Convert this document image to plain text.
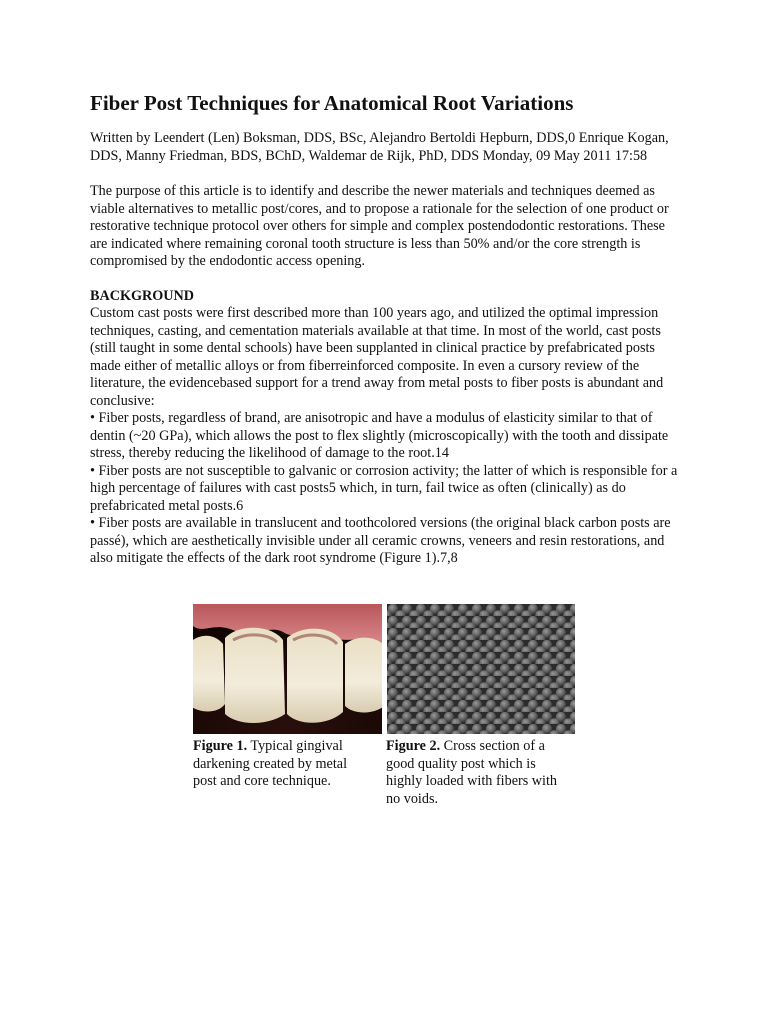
Fiber Post Techniques for Anatomical Root Variations

Written by Leendert (Len) Boksman, DDS, BSc, Alejandro Bertoldi Hepburn, DDS,0 Enrique Kogan, DDS, Manny Friedman, BDS, BChD, Waldemar de Rijk, PhD, DDS Monday, 09 May 2011 17:58

The purpose of this article is to identify and describe the newer materials and techniques deemed as viable alternatives to metallic post/cores, and to propose a rationale for the selection of one product or restorative technique protocol over others for simple and complex postendodontic restorations. These are indicated where remaining coronal tooth structure is less than 50% and/or the core strength is compromised by the endodontic access opening.

BACKGROUND

Custom cast posts were first described more than 100 years ago, and utilized the optimal impression techniques, casting, and cementation materials available at that time. In most of the world, cast posts (still taught in some dental schools) have been supplanted in clinical practice by prefabricated posts made either of metallic alloys or from fiberreinforced composite. In even a cursory review of the literature, the evidencebased support for a trend away from metal posts to fiber posts is abundant and conclusive:

• Fiber posts, regardless of brand, are anisotropic and have a modulus of elasticity similar to that of dentin (~20 GPa), which allows the post to flex slightly (microscopically) with the tooth and dissipate stress, thereby reducing the likelihood of damage to the root.14

• Fiber posts are not susceptible to galvanic or corrosion activity; the latter of which is responsible for a high percentage of failures with cast posts5 which, in turn, fail twice as often (clinically) as do prefabricated metal posts.6

• Fiber posts are available in translucent and toothcolored versions (the original black carbon posts are passé), which are aesthetically invisible under all ceramic crowns, veneers and resin restorations, and also mitigate the effects of the dark root syndrome (Figure 1).7,8

Figure 1. Typical gingival darkening created by metal post and core technique.
Figure 2. Cross section of a good quality post which is highly loaded with fibers with no voids.
